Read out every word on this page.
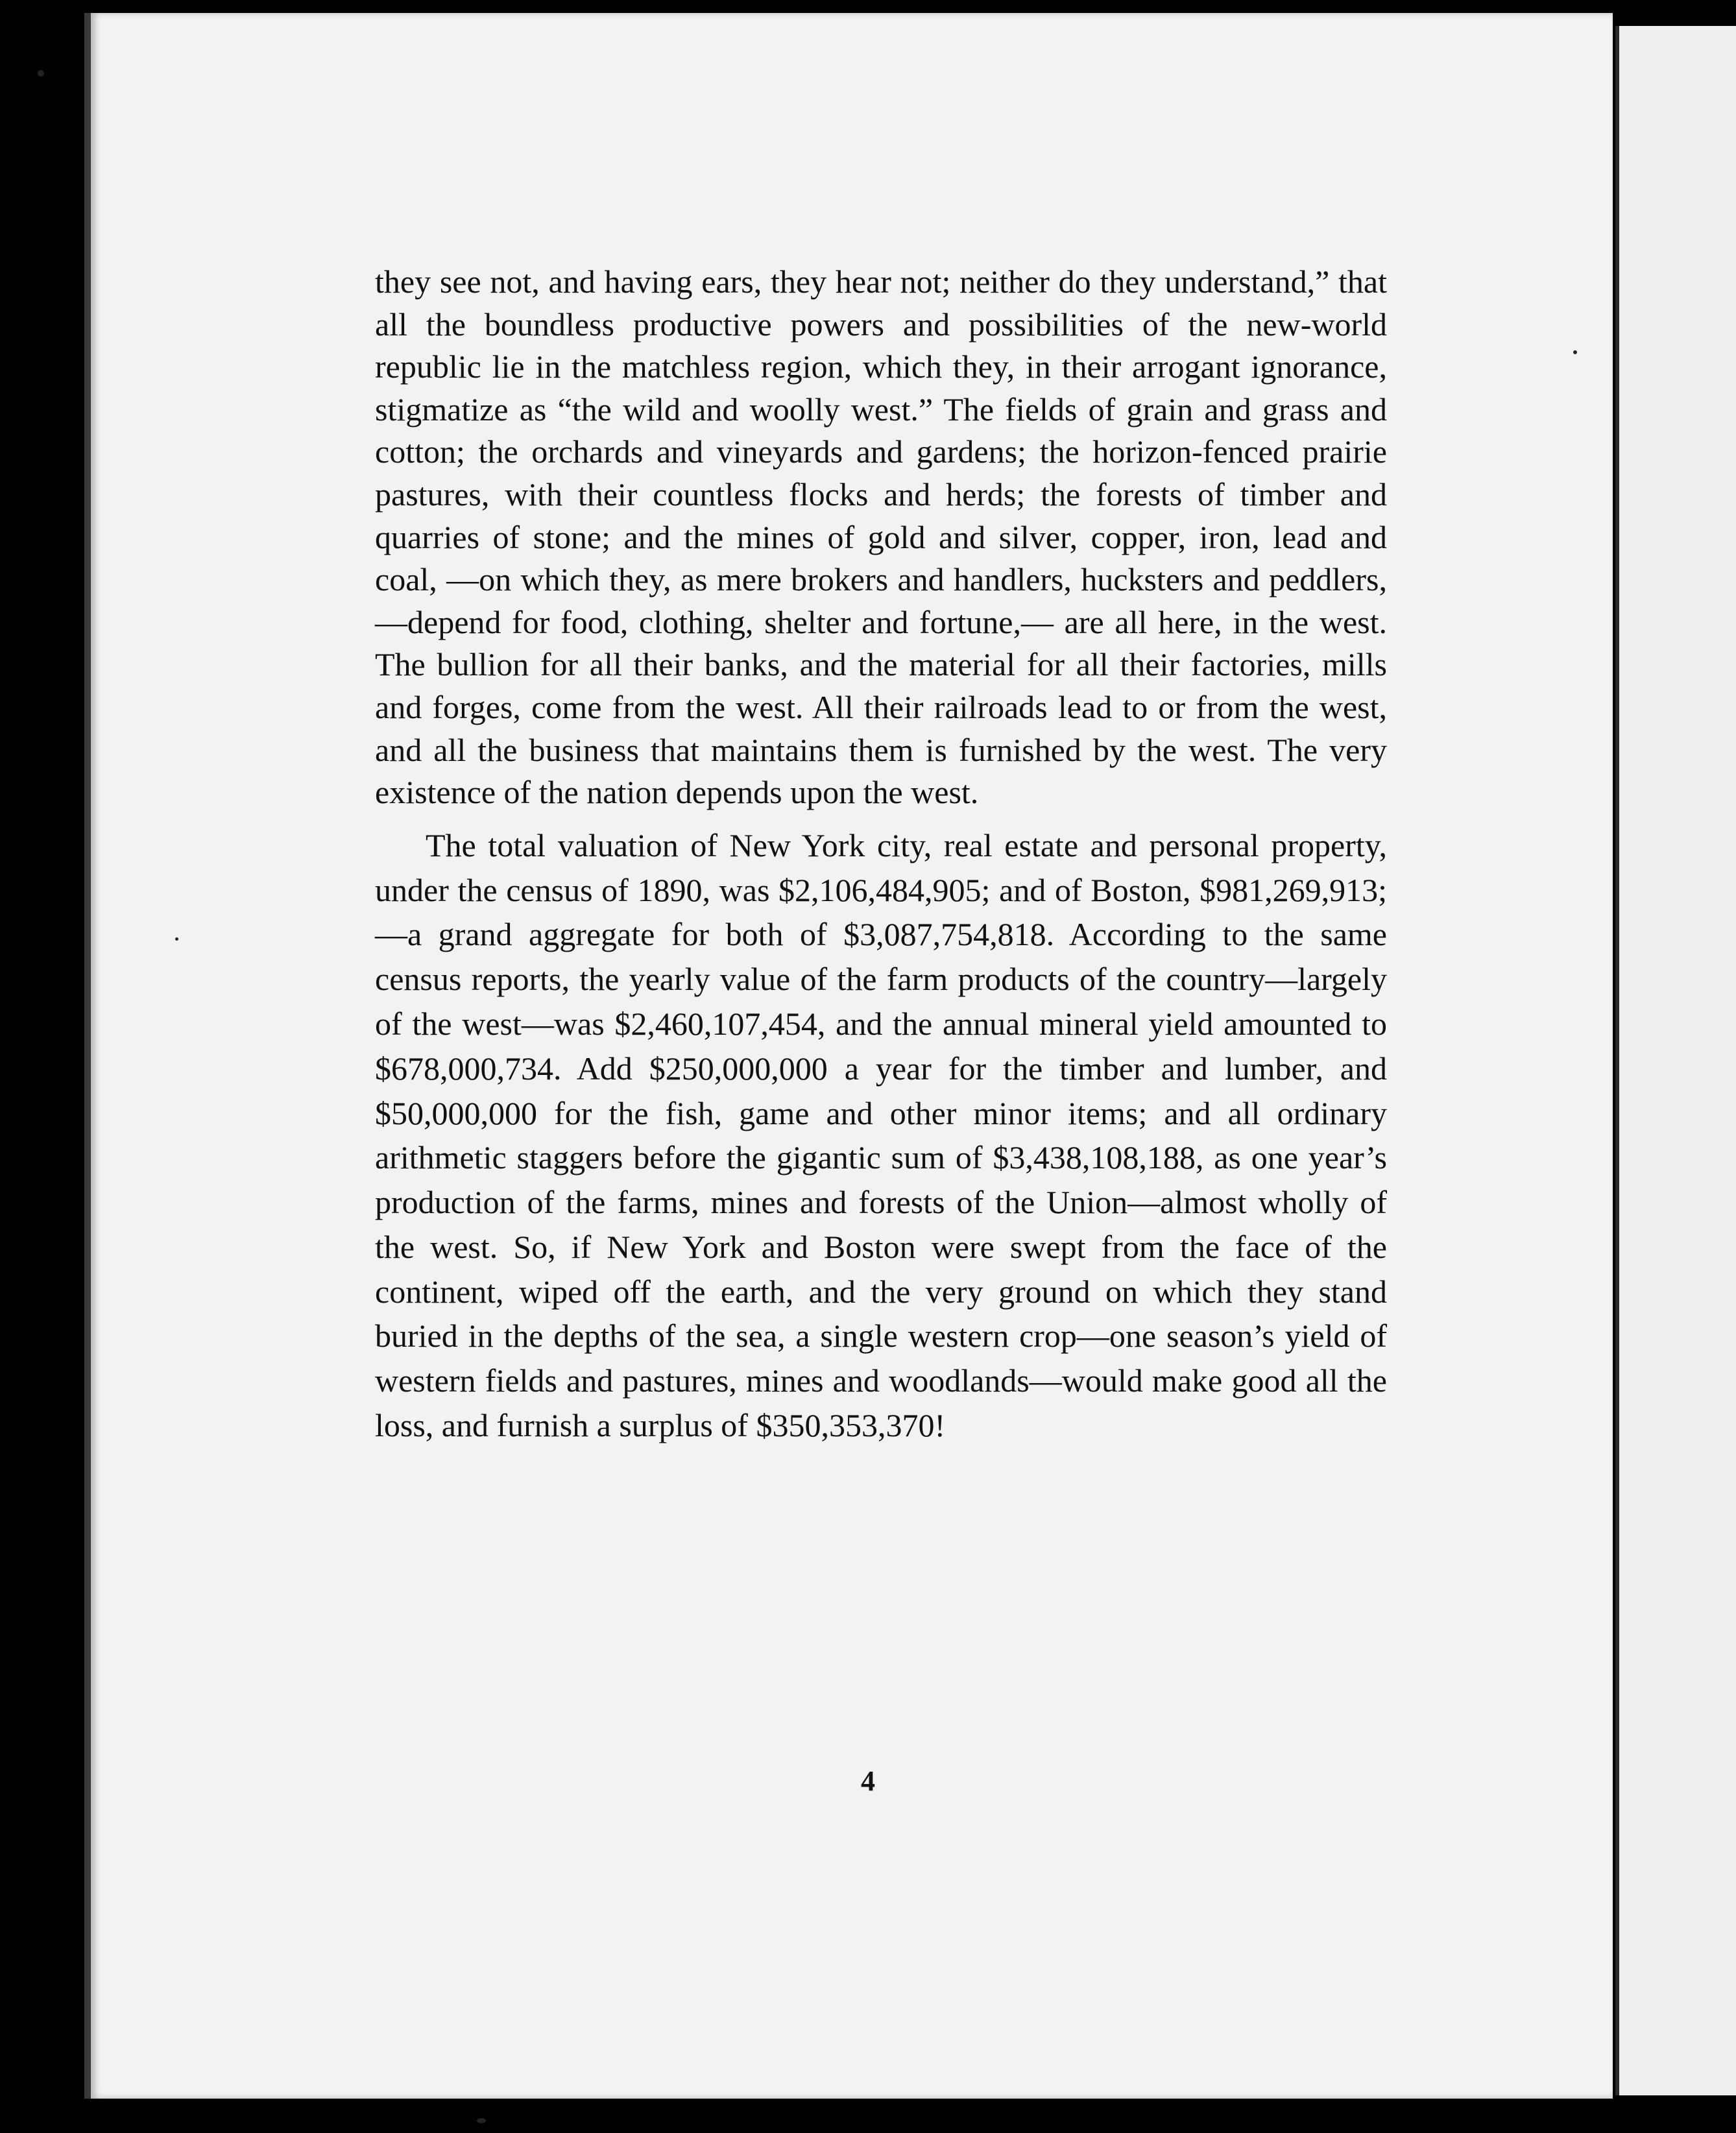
they see not, and having ears, they hear not; neither do they understand,” that all the boundless productive powers and possibilities of the new-world republic lie in the matchless region, which they, in their arrogant ignorance, stigmatize as “the wild and woolly west.” The fields of grain and grass and cotton; the orchards and vineyards and gardens; the horizon-fenced prairie pastures, with their countless flocks and herds; the forests of timber and quarries of stone; and the mines of gold and silver, copper, iron, lead and coal, —on which they, as mere brokers and handlers, hucksters and peddlers,—depend for food, clothing, shelter and fortune,— are all here, in the west. The bullion for all their banks, and the material for all their factories, mills and forges, come from the west. All their railroads lead to or from the west, and all the business that maintains them is furnished by the west. The very existence of the nation depends upon the west.

The total valuation of New York city, real estate and personal property, under the census of 1890, was $2,106,484,905; and of Boston, $981,269,913;—a grand aggregate for both of $3,087,754,818. According to the same census reports, the yearly value of the farm products of the country—largely of the west—was $2,460,107,454, and the annual mineral yield amounted to $678,000,734. Add $250,000,000 a year for the timber and lumber, and $50,000,000 for the fish, game and other minor items; and all ordinary arithmetic staggers before the gigantic sum of $3,438,108,188, as one year’s production of the farms, mines and forests of the Union—almost wholly of the west. So, if New York and Boston were swept from the face of the continent, wiped off the earth, and the very ground on which they stand buried in the depths of the sea, a single western crop—one season’s yield of western fields and pastures, mines and woodlands—would make good all the loss, and furnish a surplus of $350,353,370!

4
